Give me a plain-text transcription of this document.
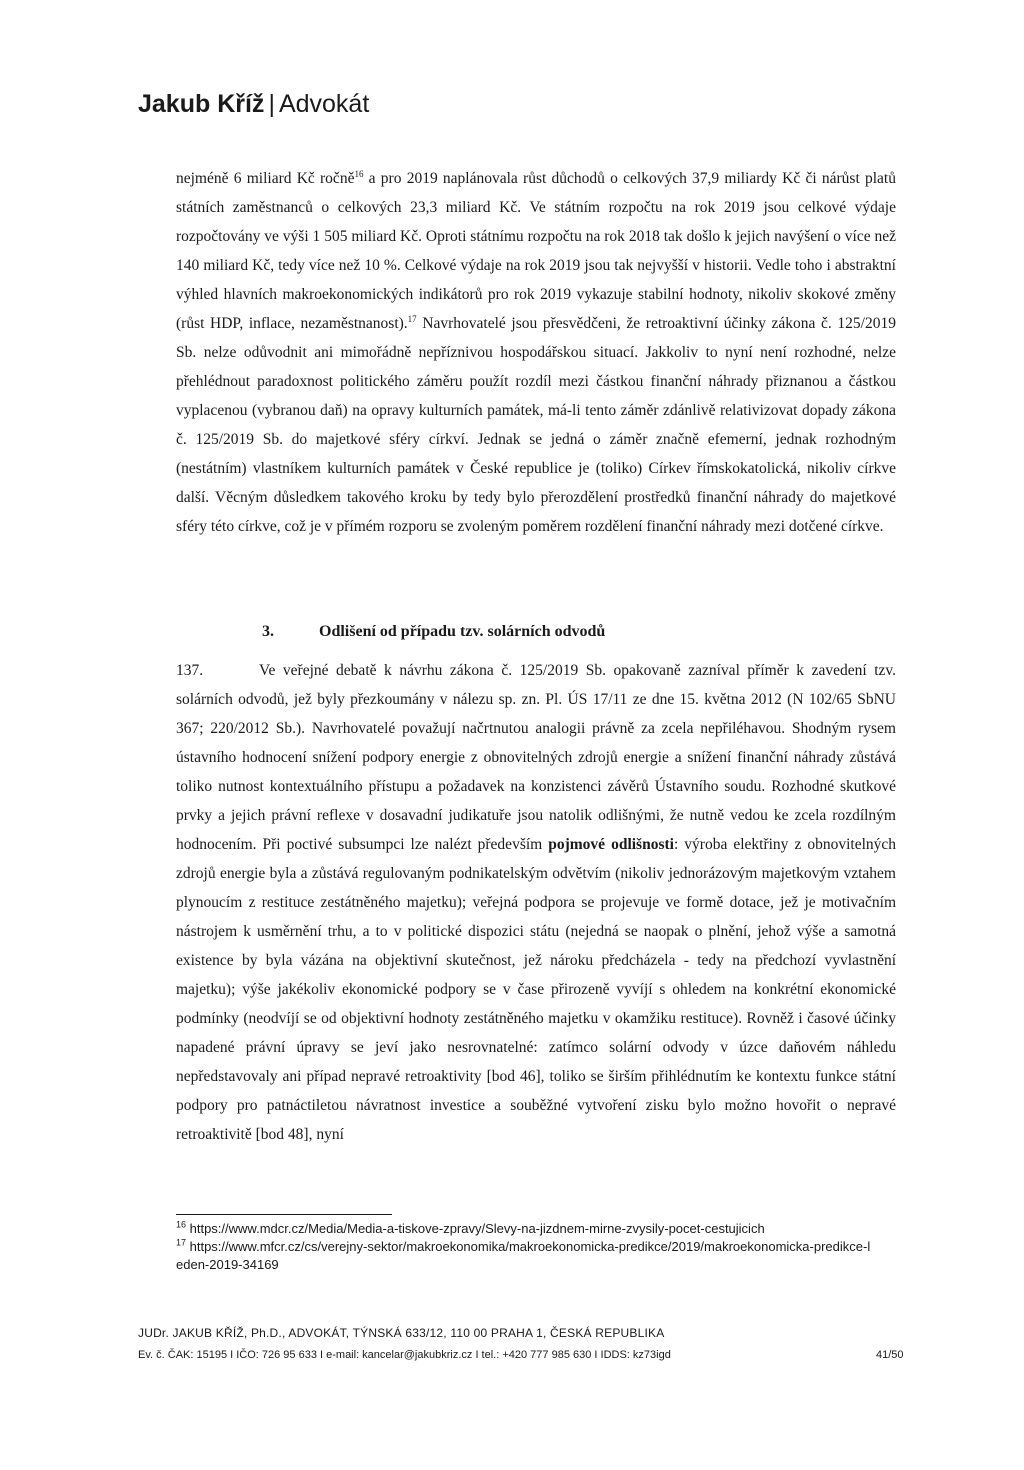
Jakub Kříž | Advokát
nejméně 6 miliard Kč ročně$^{16}$ a pro 2019 naplánovala růst důchodů o celkových 37,9 miliardy Kč či nárůst platů státních zaměstnanců o celkových 23,3 miliard Kč. Ve státním rozpočtu na rok 2019 jsou celkové výdaje rozpočtovány ve výši 1 505 miliard Kč. Oproti státnímu rozpočtu na rok 2018 tak došlo k jejich navýšení o více než 140 miliard Kč, tedy více než 10 %. Celkové výdaje na rok 2019 jsou tak nejvyšší v historii. Vedle toho i abstraktní výhled hlavních makroekonomických indikátorů pro rok 2019 vykazuje stabilní hodnoty, nikoliv skokové změny (růst HDP, inflace, nezaměstnanost).$^{17}$ Navrhovatelé jsou přesvědčeni, že retroaktivní účinky zákona č. 125/2019 Sb. nelze odůvodnit ani mimořádně nepříznivou hospodářskou situací. Jakkoliv to nyní není rozhodné, nelze přehlédnout paradoxnost politického záměru použít rozdíl mezi částkou finanční náhrady přiznanou a částkou vyplacenou (vybranou daň) na opravy kulturních památek, má-li tento záměr zdánlivě relativizovat dopady zákona č. 125/2019 Sb. do majetkové sféry církví. Jednak se jedná o záměr značně efemerní, jednak rozhodným (nestátním) vlastníkem kulturních památek v České republice je (toliko) Církev římskokatolická, nikoliv církve další. Věcným důsledkem takového kroku by tedy bylo přerozdělení prostředků finanční náhrady do majetkové sféry této církve, což je v přímém rozporu se zvoleným poměrem rozdělení finanční náhrady mezi dotčené církve.
3.	Odlišení od případu tzv. solárních odvodů
137.	Ve veřejné debatě k návrhu zákona č. 125/2019 Sb. opakovaně zazníval příměr k zavedení tzv. solárních odvodů, jež byly přezkoumány v nálezu sp. zn. Pl. ÚS 17/11 ze dne 15. května 2012 (N 102/65 SbNU 367; 220/2012 Sb.). Navrhovatelé považují načrtnutou analogii právně za zcela nepřiléhavou. Shodným rysem ústavního hodnocení snížení podpory energie z obnovitelných zdrojů energie a snížení finanční náhrady zůstává toliko nutnost kontextuálního přístupu a požadavek na konzistenci závěrů Ústavního soudu. Rozhodné skutkové prvky a jejich právní reflexe v dosavadní judikatuře jsou natolik odlišnými, že nutně vedou ke zcela rozdílným hodnocením. Při poctivé subsumpci lze nalézt především pojmové odlišnosti: výroba elektřiny z obnovitelných zdrojů energie byla a zůstává regulovaným podnikatelským odvětvím (nikoliv jednorázovým majetkovým vztahem plynoucím z restituce zestátněného majetku); veřejná podpora se projevuje ve formě dotace, jež je motivačním nástrojem k usměrnění trhu, a to v politické dispozici státu (nejedná se naopak o plnění, jehož výše a samotná existence by byla vázána na objektivní skutečnost, jež nároku předcházela - tedy na předchozí vyvlastnění majetku); výše jakékoliv ekonomické podpory se v čase přirozeně vyvíjí s ohledem na konkrétní ekonomické podmínky (neodvíjí se od objektivní hodnoty zestátněného majetku v okamžiku restituce). Rovněž i časové účinky napadené právní úpravy se jeví jako nesrovnatelné: zatímco solární odvody v úzce daňovém náhledu nepředstavovaly ani případ nepravé retroaktivity [bod 46], toliko se širším přihlédnutím ke kontextu funkce státní podpory pro patnáctiletou návratnost investice a souběžné vytvoření zisku bylo možno hovořit o nepravé retroaktivitě [bod 48], nyní
$^{16}$ https://www.mdcr.cz/Media/Media-a-tiskove-zpravy/Slevy-na-jizdnem-mirne-zvysily-pocet-cestujicich
$^{17}$ https://www.mfcr.cz/cs/verejny-sektor/makroekonomika/makroekonomicka-predikce/2019/makroekonomicka-predikce-leden-2019-34169
JUDr. JAKUB KŘÍŽ, Ph.D., ADVOKÁT, TÝNSKÁ 633/12, 110 00 PRAHA 1, ČESKÁ REPUBLIKA
Ev. č. ČAK: 15195 I IČO: 726 95 633 I e-mail: kancelar@jakubkriz.cz I tel.: +420 777 985 630 I IDDS: kz73igd	41/50
